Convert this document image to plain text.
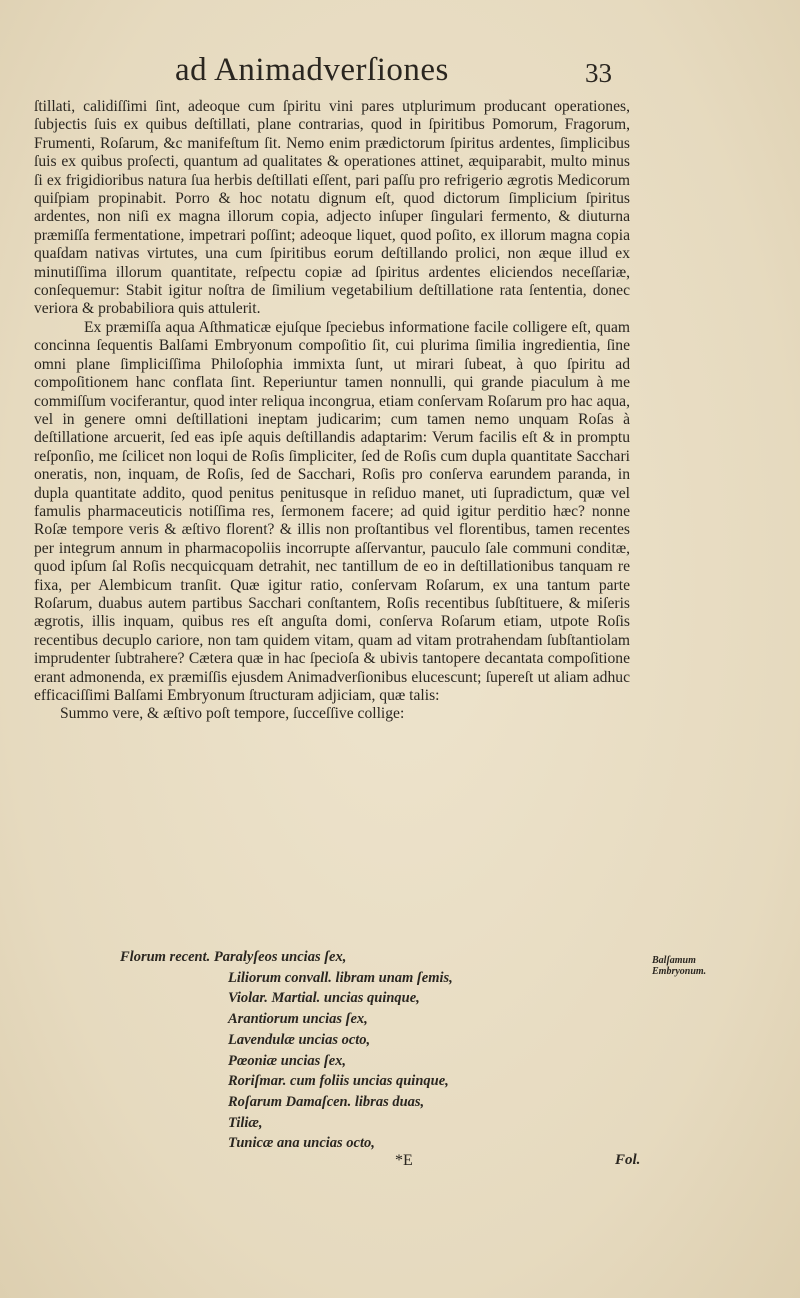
ad Animadverſiones	33

ſtillati, calidiſſimi ſint, adeoque cum ſpiritu vini pares utplurimum producant operationes, ſubjectis ſuis ex quibus deſtillati, plane contrarias, quod in ſpiritibus Pomorum, Fragorum, Frumenti, Roſarum, &c manifeſtum ſit. Nemo enim prædictorum ſpiritus ardentes, ſimplicibus ſuis ex quibus proſecti, quantum ad qualitates & operationes attinet, æquiparabit, multo minus ſi ex frigidioribus natura ſua herbis deſtillati eſſent, pari paſſu pro refrigerio ægrotis Medicorum quiſpiam propinabit. Porro & hoc notatu dignum eſt, quod dictorum ſimplicium ſpiritus ardentes, non niſi ex magna illorum copia, adjecto inſuper ſingulari fermento, & diuturna præmiſſa fermentatione, impetrari poſſint; adeoque liquet, quod poſito, ex illorum magna copia quaſdam nativas virtutes, una cum ſpiritibus eorum deſtillando prolici, non æque illud ex minutiſſima illorum quantitate, reſpectu copiæ ad ſpiritus ardentes eliciendos neceſſariæ, conſequemur: Stabit igitur noſtra de ſimilium vegetabilium deſtillatione rata ſententia, donec veriora & probabiliora quis attulerit.

Ex præmiſſa aqua Aſthmaticæ ejuſque ſpeciebus informatione facile colligere eſt, quam concinna ſequentis Balſami Embryonum compoſitio ſit, cui plurima ſimilia ingredientia, ſine omni plane ſimpliciſſima Philoſophia immixta ſunt, ut mirari ſubeat, à quo ſpiritu ad compoſitionem hanc conflata ſint. Reperiuntur tamen nonnulli, qui grande piaculum à me commiſſum vociferantur, quod inter reliqua incongrua, etiam conſervam Roſarum pro hac aqua, vel in genere omni deſtillationi ineptam judicarim; cum tamen nemo unquam Roſas à deſtillatione arcuerit, ſed eas ipſe aquis deſtillandis adaptarim: Verum facilis eſt & in promptu reſponſio, me ſcilicet non loqui de Roſis ſimpliciter, ſed de Roſis cum dupla quantitate Sacchari oneratis, non, inquam, de Roſis, ſed de Sacchari, Roſis pro conſerva earundem paranda, in dupla quantitate addito, quod penitus penitusque in reſiduo manet, uti ſupradictum, quæ vel famulis pharmaceuticis notiſſima res, ſermonem facere; ad quid igitur perditio hæc? nonne Roſæ tempore veris & æſtivo florent? & illis non proſtantibus vel florentibus, tamen recentes per integrum annum in pharmacopoliis incorrupte aſſervantur, pauculo ſale communi conditæ, quod ipſum ſal Roſis necquicquam detrahit, nec tantillum de eo in deſtillationibus tanquam re fixa, per Alembicum tranſit. Quæ igitur ratio, conſervam Roſarum, ex una tantum parte Roſarum, duabus autem partibus Sacchari conſtantem, Roſis recentibus ſubſtituere, & miſeris ægrotis, illis inquam, quibus res eſt anguſta domi, conſerva Roſarum etiam, utpote Roſis recentibus decuplo cariore, non tam quidem vitam, quam ad vitam protrahendam ſubſtantiolam imprudenter ſubtrahere? Cætera quæ in hac ſpecioſa & ubivis tantopere decantata compoſitione erant admonenda, ex præmiſſis ejusdem Animadverſionibus elucescunt; ſupereſt ut aliam adhuc efficaciſſimi Balſami Embryonum ſtructuram adjiciam, quæ talis:

Summo vere, & æſtivo poſt tempore, ſucceſſive collige:

Florum recent. Paralyſeos uncias ſex,
Liliorum convall. libram unam ſemis,
Violar. Martial. uncias quinque,
Arantiorum uncias ſex,
Lavendulæ uncias octo,
Pœoniæ uncias ſex,
Roriſmar. cum foliis uncias quinque,
Roſarum Damaſcen. libras duas,
Tiliæ,
Tunicæ ana uncias octo,
Balſamum Embryonum.
*E	Fol.
